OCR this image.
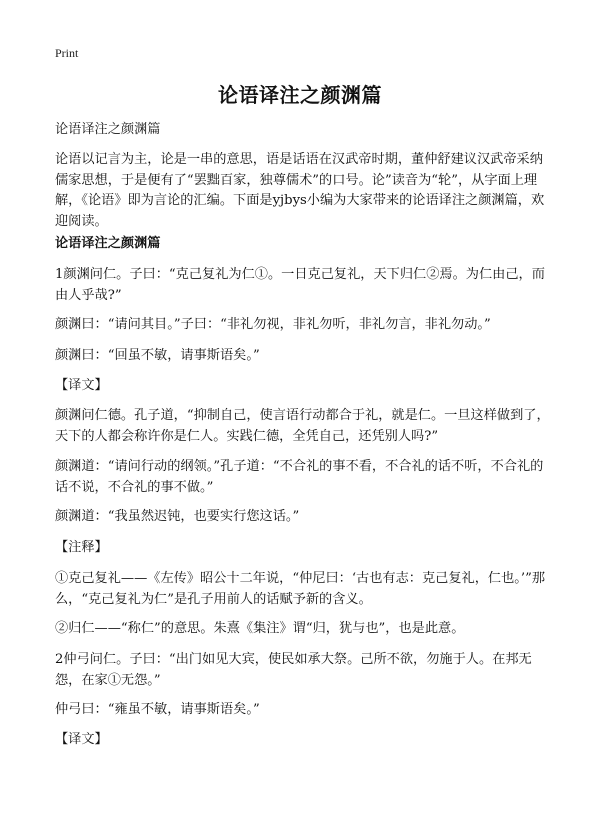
Print
论语译注之颜渊篇
论语译注之颜渊篇
论语以记言为主，论是一串的意思，语是话语在汉武帝时期，董仲舒建议汉武帝采纳儒家思想，于是便有了“罢黜百家，独尊儒术”的口号。论”读音为“轮”，从字面上理解，《论语》即为言论的汇编。下面是yjbys小编为大家带来的论语译注之颜渊篇，欢迎阅读。
论语译注之颜渊篇
1颜渊问仁。子曰：“克己复礼为仁①。一日克己复礼，天下归仁②焉。为仁由己，而由人乎哉?”
颜渊曰：“请问其目。”子曰：“非礼勿视，非礼勿听，非礼勿言，非礼勿动。”
颜渊曰：“回虽不敏，请事斯语矣。”
【译文】
颜渊问仁德。孔子道，“抑制自己，使言语行动都合于礼，就是仁。一旦这样做到了，天下的人都会称许你是仁人。实践仁德，全凭自己，还凭别人吗?”
颜渊道：“请问行动的纲领。”孔子道：“不合礼的事不看，不合礼的话不听，不合礼的话不说，不合礼的事不做。”
颜渊道：“我虽然迟钝，也要实行您这话。”
【注释】
①克己复礼——《左传》昭公十二年说，“仲尼曰：‘古也有志：克己复礼，仁也。’”那么，“克己复礼为仁”是孔子用前人的话赋予新的含义。
②归仁——“称仁”的意思。朱熹《集注》谓“归，犹与也”，也是此意。
2仲弓问仁。子曰：“出门如见大宾，使民如承大祭。己所不欲，勿施于人。在邦无怨，在家①无怨。”
仲弓曰：“雍虽不敏，请事斯语矣。”
【译文】
